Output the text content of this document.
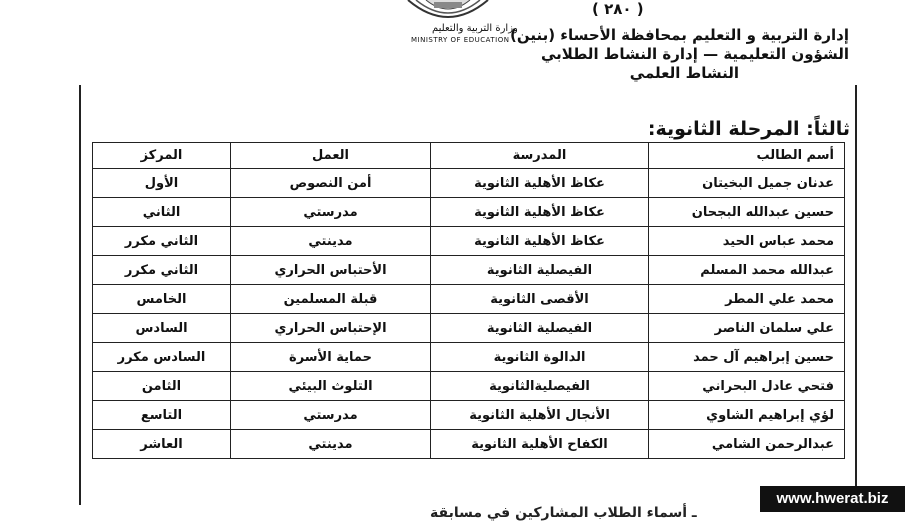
وزارة التربية والتعليم
MINISTRY OF EDUCATION
( ٢٨٠ )
إدارة التربية و التعليم بمحافظة الأحساء (بنين)
الشؤون التعليمية — إدارة النشاط الطلابي
النشاط العلمي
ثالثاً: المرحلة الثانوية:
أسم الطالب	المدرسة	العمل	المركز
عدنان جميل البخيتان	عكاظ الأهلية الثانوية	أمن النصوص	الأول
حسين عبدالله البجحان	عكاظ الأهلية الثانوية	مدرستي	الثاني
محمد عباس الحيد	عكاظ الأهلية الثانوية	مدينتي	الثاني مكرر
عبدالله محمد المسلم	الفيصلية الثانوية	الأحتباس الحراري	الثاني مكرر
محمد علي المطر	الأقصى الثانوية	قبلة المسلمين	الخامس
علي سلمان الناصر	الفيصلية الثانوية	الإحتباس الحراري	السادس
حسين إبراهيم آل حمد	الدالوة الثانوية	حماية الأسرة	السادس مكرر
فتحي عادل البحراني	الفيصليةالثانوية	التلوث البيئي	الثامن
لؤي إبراهيم الشاوي	الأنجال الأهلية الثانوية	مدرستي	التاسع
عبدالرحمن الشامي	الكفاح الأهلية الثانوية	مدينتي	العاشر
ـ أسماء الطلاب المشاركين في مسابقة
www.hwerat.biz
